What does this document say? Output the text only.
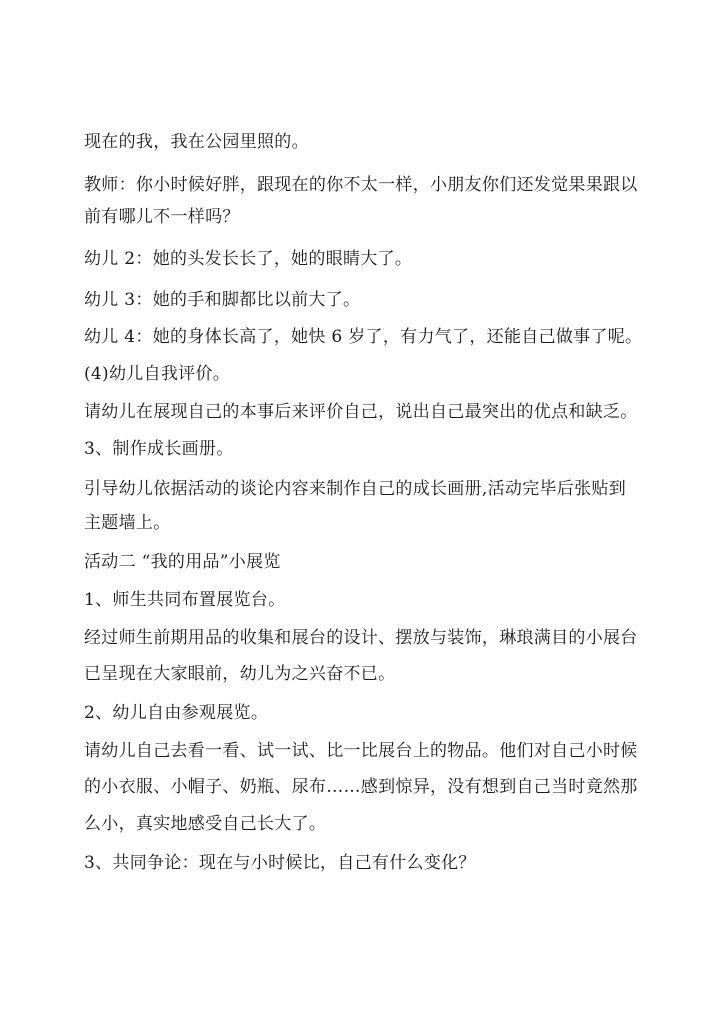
现在的我，我在公园里照的。
教师：你小时候好胖，跟现在的你不太一样，小朋友你们还发觉果果跟以
前有哪儿不一样吗？
幼儿 2：她的头发长长了，她的眼睛大了。
幼儿 3：她的手和脚都比以前大了。
幼儿 4：她的身体长高了，她快 6 岁了，有力气了，还能自己做事了呢。
(4)幼儿自我评价。
请幼儿在展现自己的本事后来评价自己，说出自己最突出的优点和缺乏。
3、制作成长画册。
引导幼儿依据活动的谈论内容来制作自己的成长画册,活动完毕后张贴到
主题墙上。
活动二 “我的用品”小展览
1、师生共同布置展览台。
经过师生前期用品的收集和展台的设计、摆放与装饰，琳琅满目的小展台
已呈现在大家眼前，幼儿为之兴奋不已。
2、幼儿自由参观展览。
请幼儿自己去看一看、试一试、比一比展台上的物品。他们对自己小时候
的小衣服、小帽子、奶瓶、尿布……感到惊异，没有想到自己当时竟然那
么小，真实地感受自己长大了。
3、共同争论：现在与小时候比，自己有什么变化？
